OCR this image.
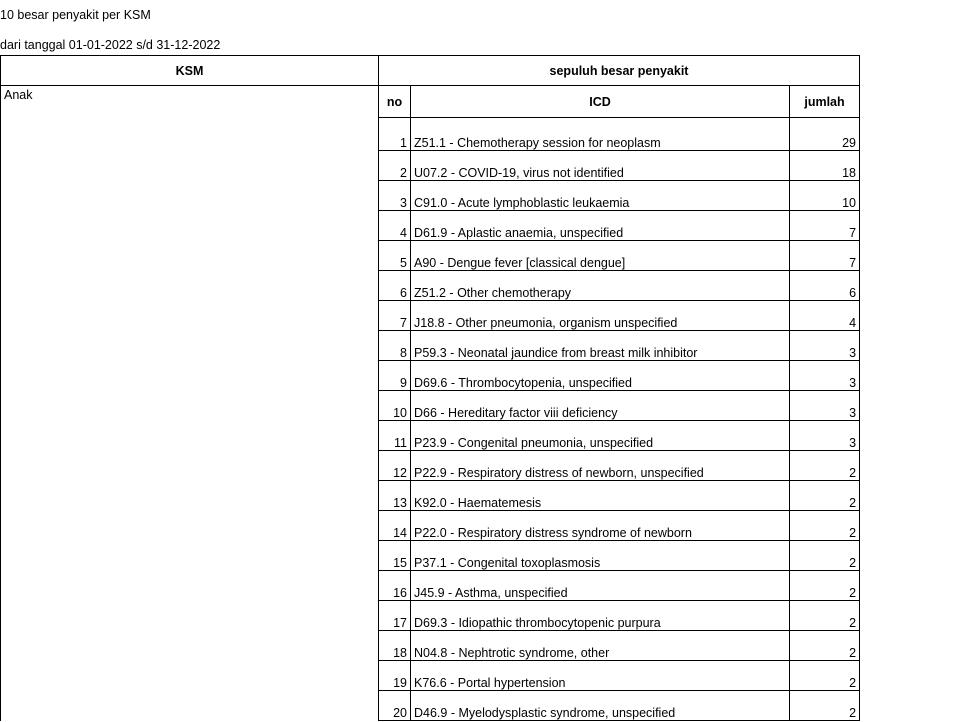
10 besar penyakit per KSM
dari tanggal 01-01-2022 s/d 31-12-2022
KSM	sepuluh besar penyakit		
Anak	no	ICD	jumlah
	1	Z51.1 - Chemotherapy session for neoplasm	29
	2	U07.2 - COVID-19, virus not identified	18
	3	C91.0 - Acute lymphoblastic leukaemia	10
	4	D61.9 - Aplastic anaemia, unspecified	7
	5	A90 - Dengue fever [classical dengue]	7
	6	Z51.2 - Other chemotherapy	6
	7	J18.8 - Other pneumonia, organism unspecified	4
	8	P59.3 - Neonatal jaundice from breast milk inhibitor	3
	9	D69.6 - Thrombocytopenia, unspecified	3
	10	D66 - Hereditary factor viii deficiency	3
	11	P23.9 - Congenital pneumonia, unspecified	3
	12	P22.9 - Respiratory distress of newborn, unspecified	2
	13	K92.0 - Haematemesis	2
	14	P22.0 - Respiratory distress syndrome of newborn	2
	15	P37.1 - Congenital toxoplasmosis	2
	16	J45.9 - Asthma, unspecified	2
	17	D69.3 - Idiopathic thrombocytopenic purpura	2
	18	N04.8 - Nephtrotic syndrome, other	2
	19	K76.6 - Portal hypertension	2
	20	D46.9 - Myelodysplastic syndrome, unspecified	2
